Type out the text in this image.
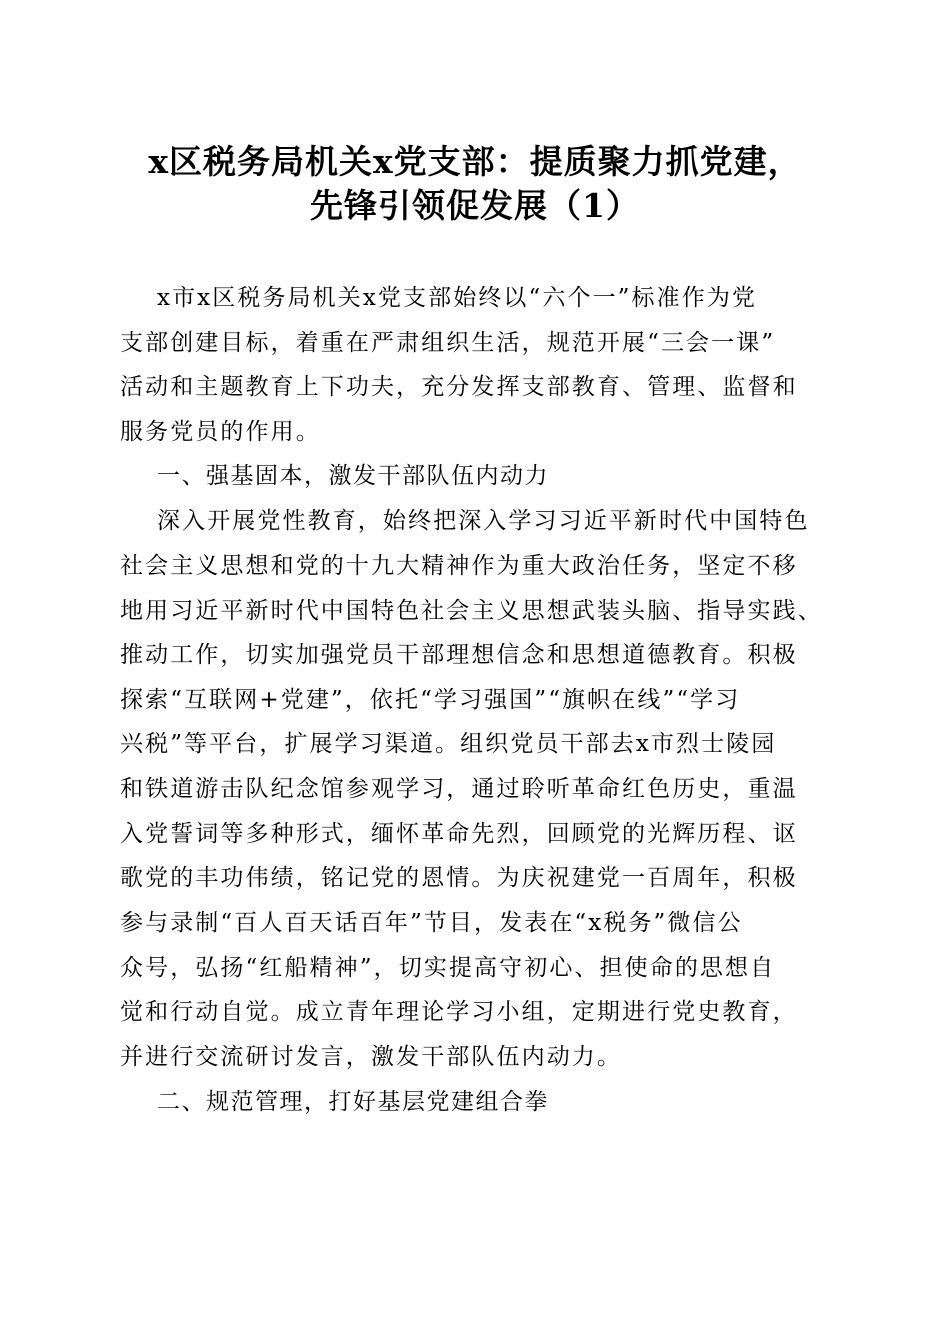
x区税务局机关x党支部：提质聚力抓党建，
先锋引领促发展（1）
x市x区税务局机关x党支部始终以“六个一”标准作为党
支部创建目标，着重在严肃组织生活，规范开展“三会一课”
活动和主题教育上下功夫，充分发挥支部教育、管理、监督和
服务党员的作用。
一、强基固本，激发干部队伍内动力
深入开展党性教育，始终把深入学习习近平新时代中国特色
社会主义思想和党的十九大精神作为重大政治任务，坚定不移
地用习近平新时代中国特色社会主义思想武装头脑、指导实践、
推动工作，切实加强党员干部理想信念和思想道德教育。积极
探索“互联网+党建”，依托“学习强国”“旗帜在线”“学习
兴税”等平台，扩展学习渠道。组织党员干部去x市烈士陵园
和铁道游击队纪念馆参观学习，通过聆听革命红色历史，重温
入党誓词等多种形式，缅怀革命先烈，回顾党的光辉历程、讴
歌党的丰功伟绩，铭记党的恩情。为庆祝建党一百周年，积极
参与录制“百人百天话百年”节目，发表在“x税务”微信公
众号，弘扬“红船精神”，切实提高守初心、担使命的思想自
觉和行动自觉。成立青年理论学习小组，定期进行党史教育，
并进行交流研讨发言，激发干部队伍内动力。
二、规范管理，打好基层党建组合拳
